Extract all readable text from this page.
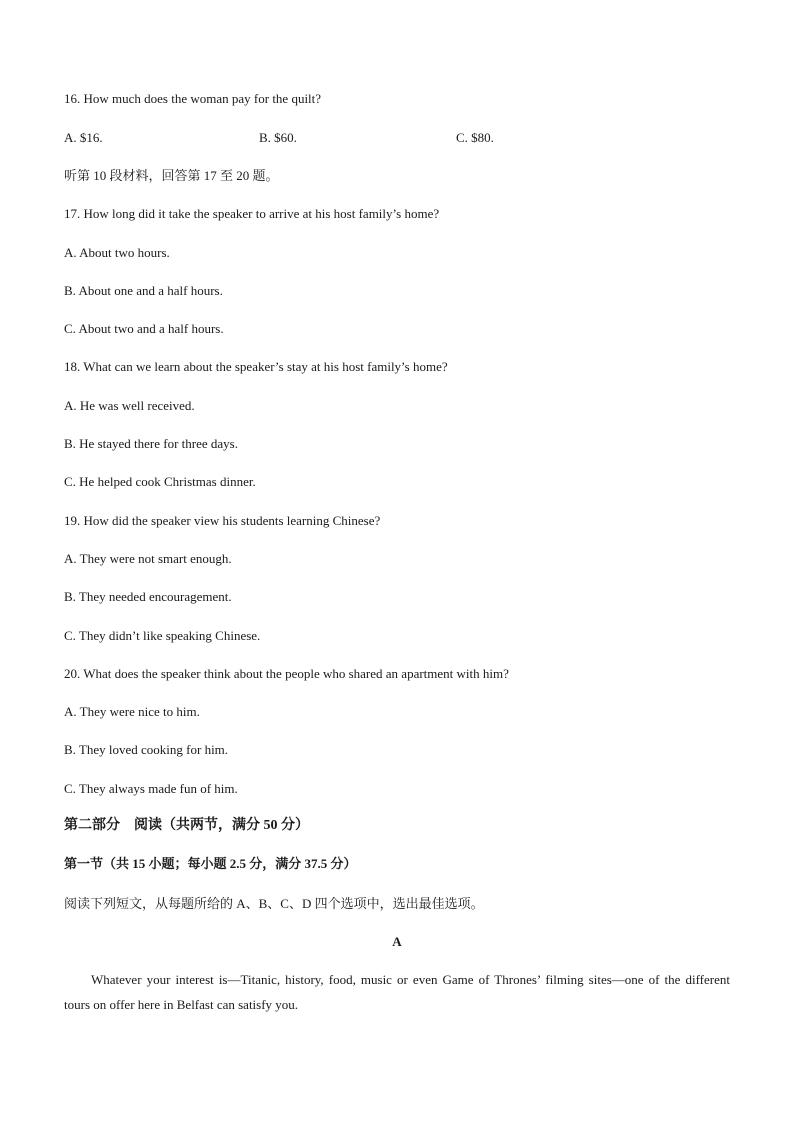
16. How much does the woman pay for the quilt?
A. $16.	B. $60.	C. $80.
听第 10 段材料，回答第 17 至 20 题。
17. How long did it take the speaker to arrive at his host family’s home?
A. About two hours.
B. About one and a half hours.
C. About two and a half hours.
18. What can we learn about the speaker’s stay at his host family’s home?
A. He was well received.
B. He stayed there for three days.
C. He helped cook Christmas dinner.
19. How did the speaker view his students learning Chinese?
A. They were not smart enough.
B. They needed encouragement.
C. They didn’t like speaking Chinese.
20. What does the speaker think about the people who shared an apartment with him?
A. They were nice to him.
B. They loved cooking for him.
C. They always made fun of him.
第二部分　阅读（共两节，满分 50 分）
第一节（共 15 小题；每小题 2.5 分，满分 37.5 分）
阅读下列短文，从每题所给的 A、B、C、D 四个选项中，选出最佳选项。
A
Whatever your interest is—Titanic, history, food, music or even Game of Thrones’ filming sites—one of the different tours on offer here in Belfast can satisfy you.
